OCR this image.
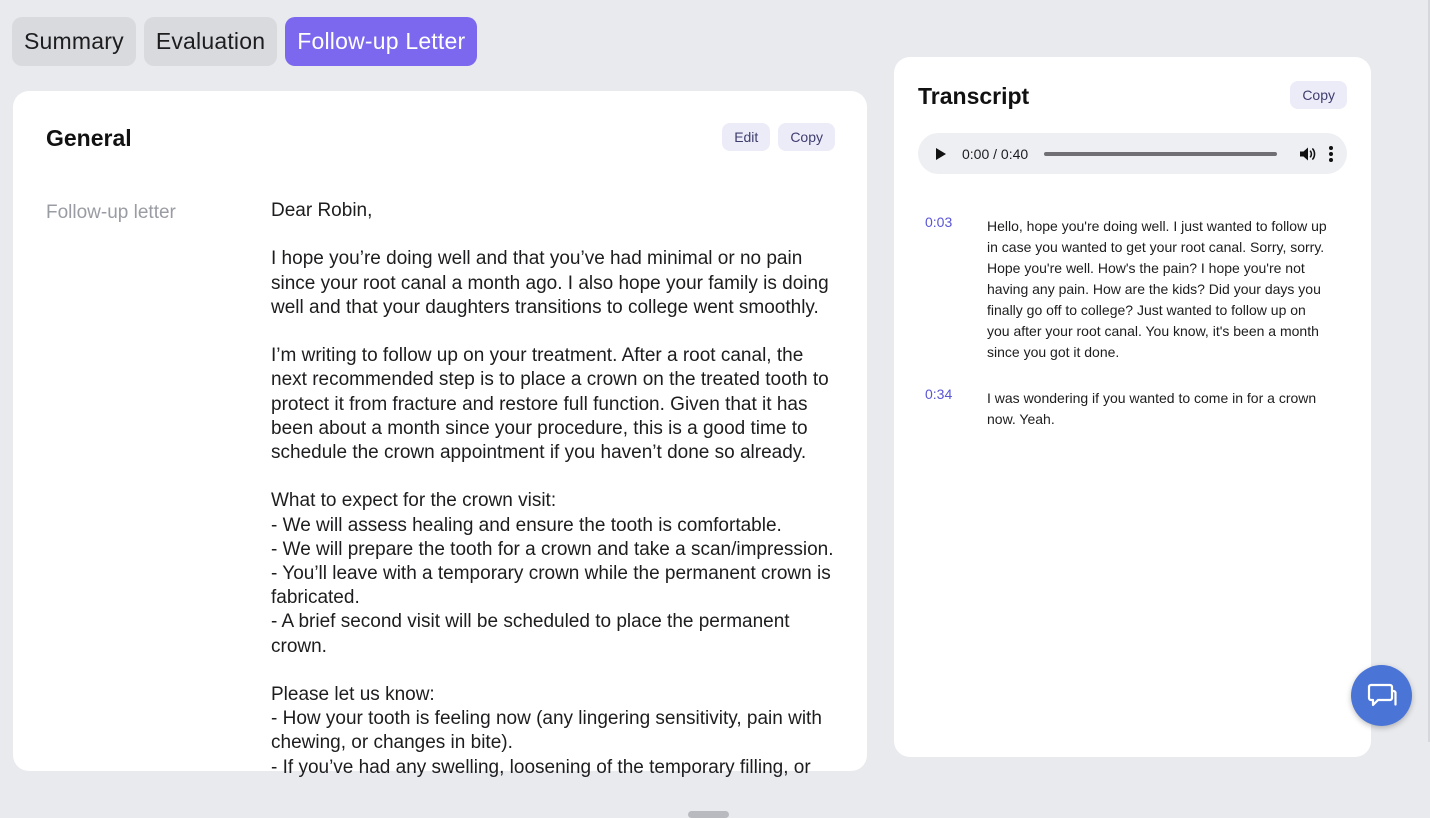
Summary	Evaluation	Follow-up Letter
General	Edit	Copy
Follow-up letter	Dear Robin,

I hope you’re doing well and that you’ve had minimal or no pain since your root canal a month ago. I also hope your family is doing well and that your daughters transitions to college went smoothly.

I’m writing to follow up on your treatment. After a root canal, the next recommended step is to place a crown on the treated tooth to protect it from fracture and restore full function. Given that it has been about a month since your procedure, this is a good time to schedule the crown appointment if you haven’t done so already.

What to expect for the crown visit:
- We will assess healing and ensure the tooth is comfortable.
- We will prepare the tooth for a crown and take a scan/impression.
- You’ll leave with a temporary crown while the permanent crown is fabricated.
- A brief second visit will be scheduled to place the permanent crown.

Please let us know:
- How your tooth is feeling now (any lingering sensitivity, pain with chewing, or changes in bite).
- If you’ve had any swelling, loosening of the temporary filling, or
Transcript	Copy
0:00 / 0:40
0:03 Hello, hope you're doing well. I just wanted to follow up in case you wanted to get your root canal. Sorry, sorry. Hope you're well. How's the pain? I hope you're not having any pain. How are the kids? Did your days you finally go off to college? Just wanted to follow up on you after your root canal. You know, it's been a month since you got it done.
0:34 I was wondering if you wanted to come in for a crown now. Yeah.
